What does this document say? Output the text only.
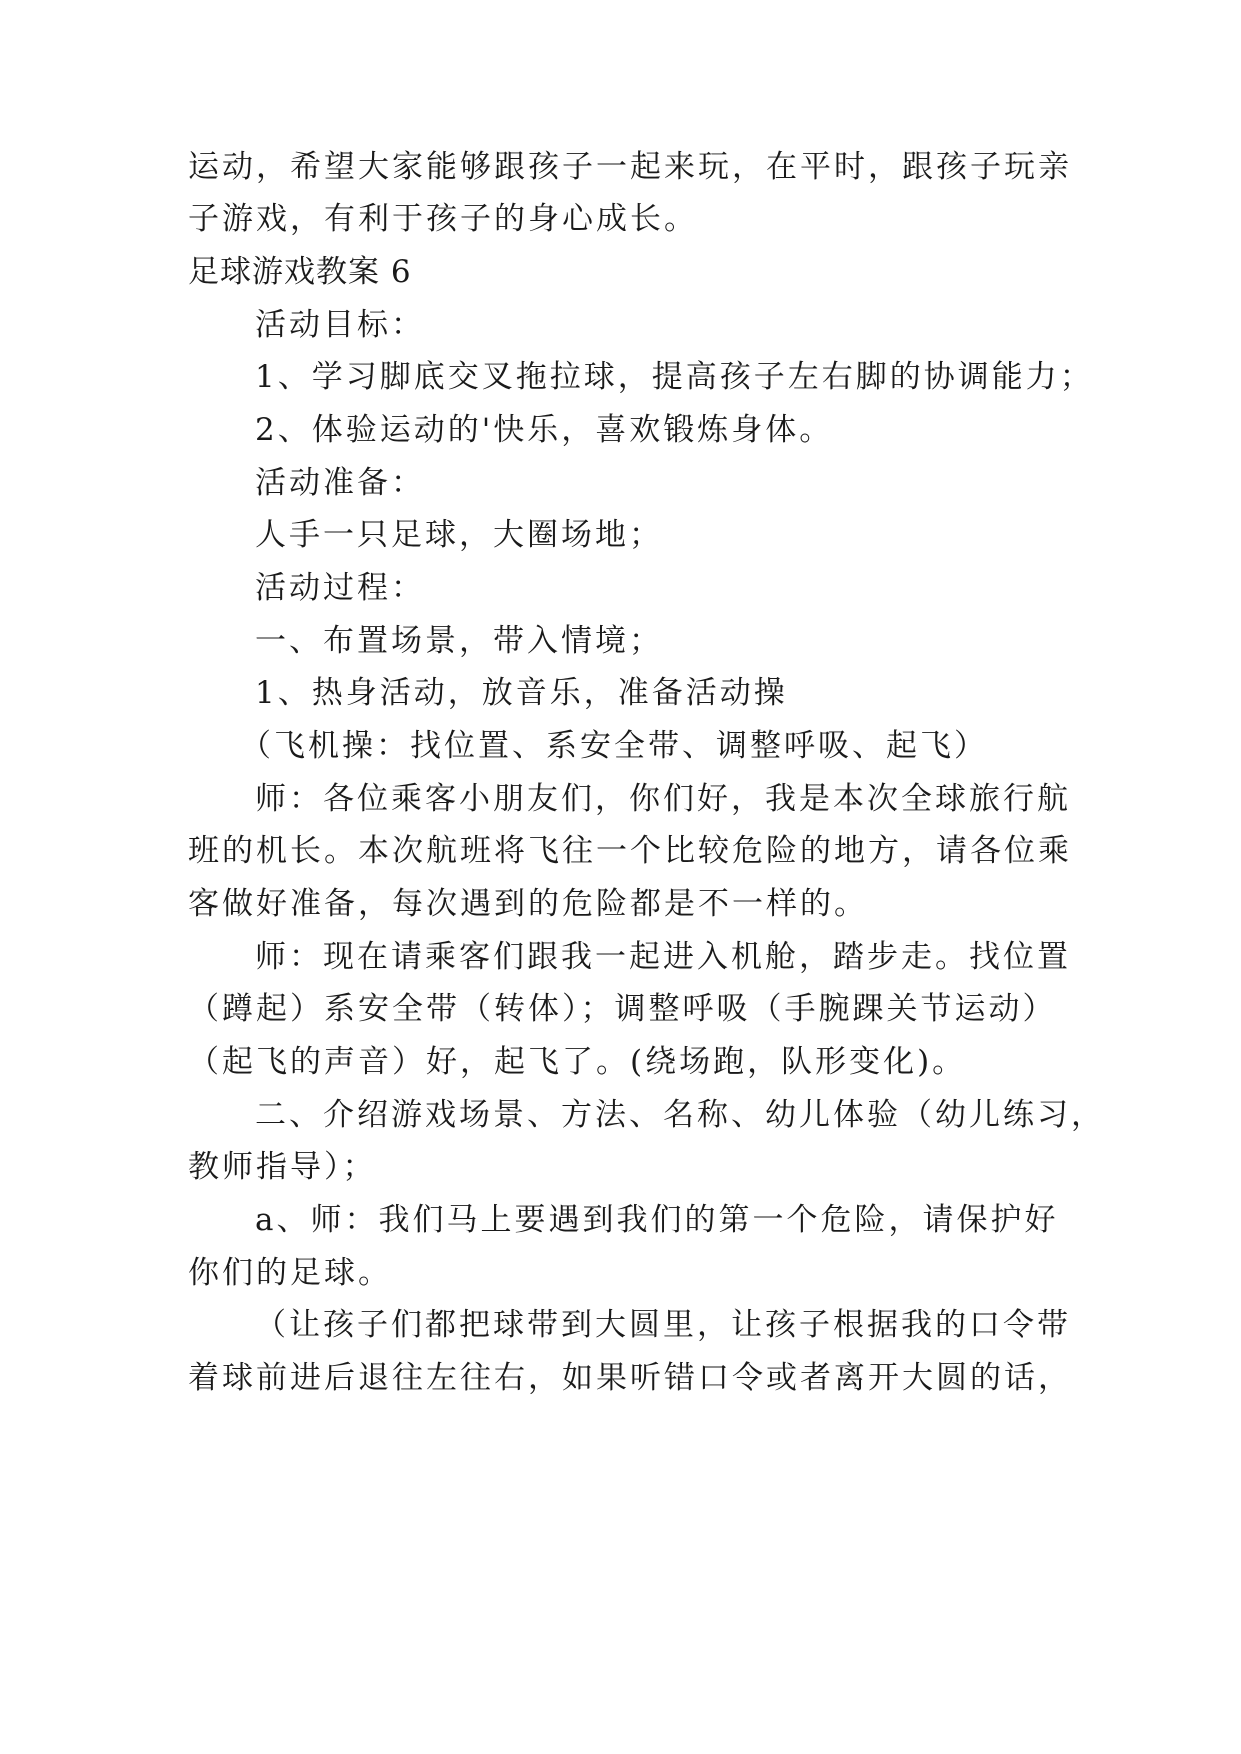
运动，希望大家能够跟孩子一起来玩，在平时，跟孩子玩亲
子游戏，有利于孩子的身心成长。
足球游戏教案 6
活动目标：
1、学习脚底交叉拖拉球，提高孩子左右脚的协调能力；
2、体验运动的'快乐，喜欢锻炼身体。
活动准备：
人手一只足球，大圈场地；
活动过程：
一、布置场景，带入情境；
1、热身活动，放音乐，准备活动操
（飞机操：找位置、系安全带、调整呼吸、起飞）
师：各位乘客小朋友们，你们好，我是本次全球旅行航
班的机长。本次航班将飞往一个比较危险的地方，请各位乘
客做好准备，每次遇到的危险都是不一样的。
师：现在请乘客们跟我一起进入机舱，踏步走。找位置
（蹲起）系安全带（转体）；调整呼吸（手腕踝关节运动）
（起飞的声音）好，起飞了。(绕场跑，队形变化)。
二、介绍游戏场景、方法、名称、幼儿体验（幼儿练习，
教师指导）；
a、师：我们马上要遇到我们的第一个危险，请保护好
你们的足球。
（让孩子们都把球带到大圆里，让孩子根据我的口令带
着球前进后退往左往右，如果听错口令或者离开大圆的话，
